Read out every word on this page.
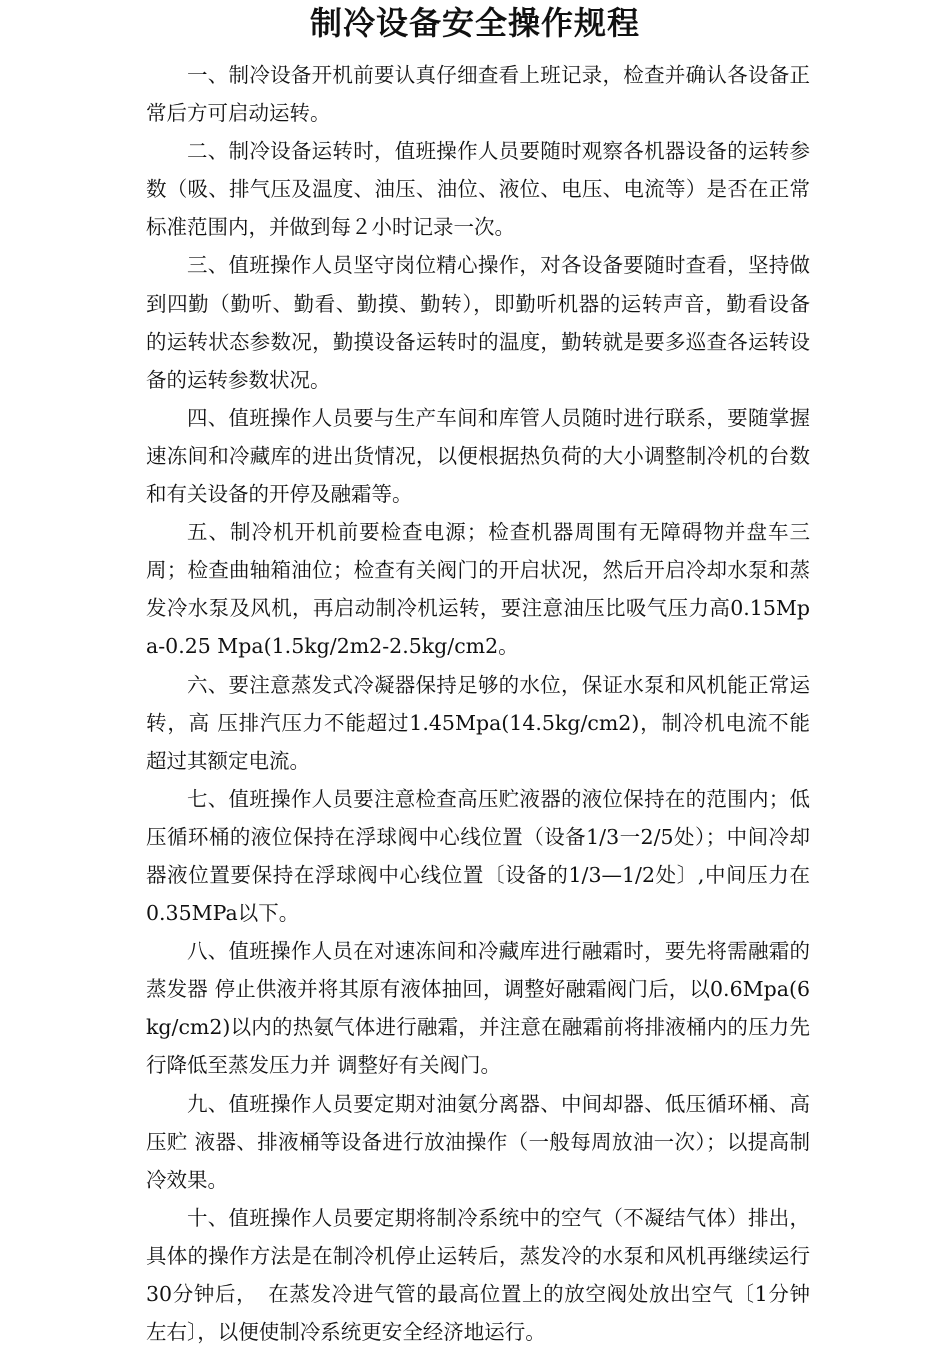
制冷设备安全操作规程

一、制冷设备开机前要认真仔细查看上班记录，检查并确认各设备正常后方可启动运转。

二、制冷设备运转时，值班操作人员要随时观察各机器设备的运转参数（吸、排气压及温度、油压、油位、液位、电压、电流等）是否在正常标准范围内，并做到每２小时记录一次。

三、值班操作人员坚守岗位精心操作，对各设备要随时查看，坚持做到四勤（勤听、勤看、勤摸、勤转），即勤听机器的运转声音，勤看设备的运转状态参数况，勤摸设备运转时的温度，勤转就是要多巡查各运转设备的运转参数状况。

四、值班操作人员要与生产车间和库管人员随时进行联系，要随掌握速冻间和冷藏库的进出货情况，以便根据热负荷的大小调整制冷机的台数和有关设备的开停及融霜等。

五、制冷机开机前要检查电源；检查机器周围有无障碍物并盘车三周；检查曲轴箱油位；检查有关阀门的开启状况，然后开启冷却水泵和蒸发冷水泵及风机，再启动制冷机运转，要注意油压比吸气压力高0.15Mpa-0.25 Mpa(1.5kg/2m2-2.5kg/cm2。

六、要注意蒸发式冷凝器保持足够的水位，保证水泵和风机能正常运转，高 压排汽压力不能超过1.45Mpa(14.5kg/cm2)，制冷机电流不能超过其额定电流。

七、值班操作人员要注意检查高压贮液器的液位保持在的范围内；低压循环桶的液位保持在浮球阀中心线位置（设备1/3一2/5处）；中间冷却器液位置要保持在浮球阀中心线位置〔设备的1/3—1/2处〕,中间压力在0.35MPa以下。

八、值班操作人员在对速冻间和冷藏库进行融霜时，要先将需融霜的蒸发器 停止供液并将其原有液体抽回，调整好融霜阀门后，以0.6Mpa(6kg/cm2)以内的热氨气体进行融霜，并注意在融霜前将排液桶内的压力先行降低至蒸发压力并 调整好有关阀门。

九、值班操作人员要定期对油氨分离器、中间却器、低压循环桶、高压贮 液器、排液桶等设备进行放油操作（一般每周放油一次）；以提高制冷效果。

十、值班操作人员要定期将制冷系统中的空气（不凝结气体）排出，具体的操作方法是在制冷机停止运转后，蒸发冷的水泵和风机再继续运行30分钟后，　在蒸发冷进气管的最高位置上的放空阀处放出空气〔1分钟左右〕，以便使制冷系统更安全经济地运行。
